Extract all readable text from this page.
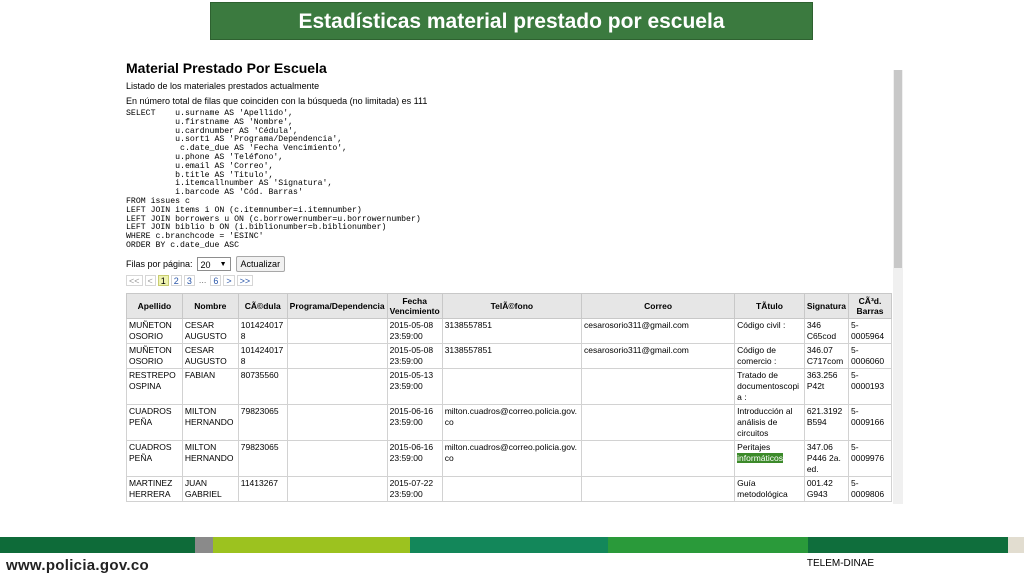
Estadísticas material prestado por escuela
Material Prestado Por Escuela
Listado de los materiales prestados actualmente
En número total de filas que coinciden con la búsqueda (no limitada) es 111
SELECT    u.surname AS 'Apellido',
u.firstname AS 'Nombre',
u.cardnumber AS 'Cédula',
u.sort1 AS 'Programa/Dependencia',
c.date_due AS 'Fecha Vencimiento',
u.phone AS 'Teléfono',
u.email AS 'Correo',
b.title AS 'Titulo',
i.itemcallnumber AS 'Signatura',
i.barcode AS 'Cód. Barras'
FROM issues c
LEFT JOIN items i ON (c.itemnumber=i.itemnumber)
LEFT JOIN borrowers u ON (c.borrowernumber=u.borrowernumber)
LEFT JOIN biblio b ON (i.biblionumber=b.biblionumber)
WHERE c.branchcode = 'ESINC'
ORDER BY c.date_due ASC
Filas por página: 20 ▼	Actualizar
<< < 1 2 3 ... 6 > >>
Apellido	Nombre	CÃ©dula	Programa/Dependencia	Fecha Vencimiento	TelÃ©fono	Correo	TÃtulo	Signatura	CÃ³d. Barras
MUÑETON OSORIO	CESAR AUGUSTO	1014240178		2015-05-08 23:59:00	3138557851	cesarosorio311@gmail.com	Código civil :	346 C65cod	5-0005964
MUÑETON OSORIO	CESAR AUGUSTO	1014240178		2015-05-08 23:59:00	3138557851	cesarosorio311@gmail.com	Código de comercio :	346.07 C717com	5-0006060
RESTREPO OSPINA	FABIAN	80735560		2015-05-13 23:59:00			Tratado de documentoscopia :	363.256 P42t	5-0000193
CUADROS PEÑA	MILTON HERNANDO	79823065		2015-06-16 23:59:00	milton.cuadros@correo.policia.gov.co		Introducción al análisis de circuitos	621.3192 B594	5-0009166
CUADROS PEÑA	MILTON HERNANDO	79823065		2015-06-16 23:59:00	milton.cuadros@correo.policia.gov.co		Peritajes informáticos	347.06 P446 2a. ed.	5-0009976
MARTINEZ HERRERA	JUAN GABRIEL	11413267		2015-07-22 23:59:00			Guía metodológica	001.42 G943	5-0009806
www.policia.gov.co	TELEM-DINAE
